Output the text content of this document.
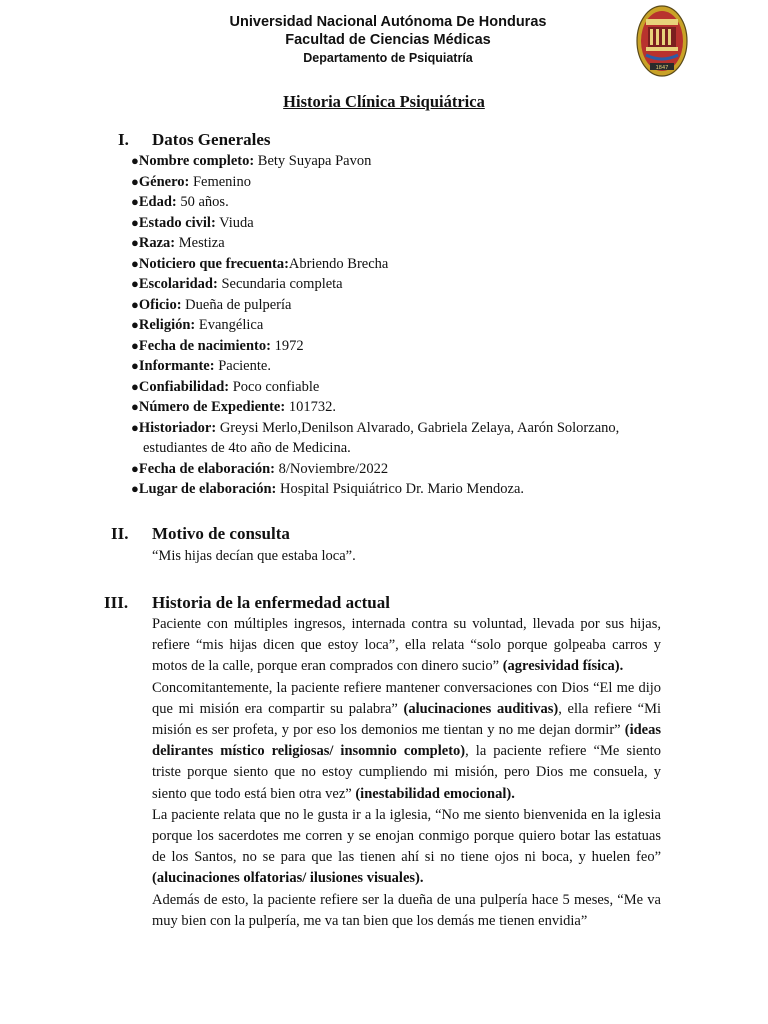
Universidad Nacional Autónoma De Honduras
Facultad de Ciencias Médicas
Departamento de Psiquiatría
1847
Historia Clínica Psiquiátrica
I. Datos Generales
●Nombre completo: Bety Suyapa Pavon
●Género: Femenino
●Edad: 50 años.
●Estado civil: Viuda
●Raza: Mestiza
●Noticiero que frecuenta:Abriendo Brecha
●Escolaridad: Secundaria completa
●Oficio: Dueña de pulpería
●Religión: Evangélica
●Fecha de nacimiento: 1972
●Informante: Paciente.
●Confiabilidad: Poco confiable
●Número de Expediente: 101732.
●Historiador: Greysi Merlo,Denilson Alvarado, Gabriela Zelaya, Aarón Solorzano,
estudiantes de 4to año de Medicina.
●Fecha de elaboración: 8/Noviembre/2022
●Lugar de elaboración: Hospital Psiquiátrico Dr. Mario Mendoza.
II. Motivo de consulta
“Mis hijas decían que estaba loca”.
III. Historia de la enfermedad actual

Paciente con múltiples ingresos, internada contra su voluntad, llevada por sus hijas, refiere “mis hijas dicen que estoy loca”, ella relata “solo porque golpeaba carros y motos de la calle, porque eran comprados con dinero sucio” (agresividad física).

Concomitantemente, la paciente refiere mantener conversaciones con Dios “El me dijo que mi misión era compartir su palabra” (alucinaciones auditivas), ella refiere “Mi misión es ser profeta, y por eso los demonios me tientan y no me dejan dormir” (ideas delirantes místico religiosas/ insomnio completo), la paciente refiere “Me siento triste porque siento que no estoy cumpliendo mi misión, pero Dios me consuela, y siento que todo está bien otra vez” (inestabilidad emocional).

La paciente relata que no le gusta ir a la iglesia, “No me siento bienvenida en la iglesia porque los sacerdotes me corren y se enojan conmigo porque quiero botar las estatuas de los Santos, no se para que las tienen ahí si no tiene ojos ni boca, y huelen feo” (alucinaciones olfatorias/ ilusiones visuales).

Además de esto, la paciente refiere ser la dueña de una pulpería hace 5 meses, “Me va muy bien con la pulpería, me va tan bien que los demás me tienen envidia”
